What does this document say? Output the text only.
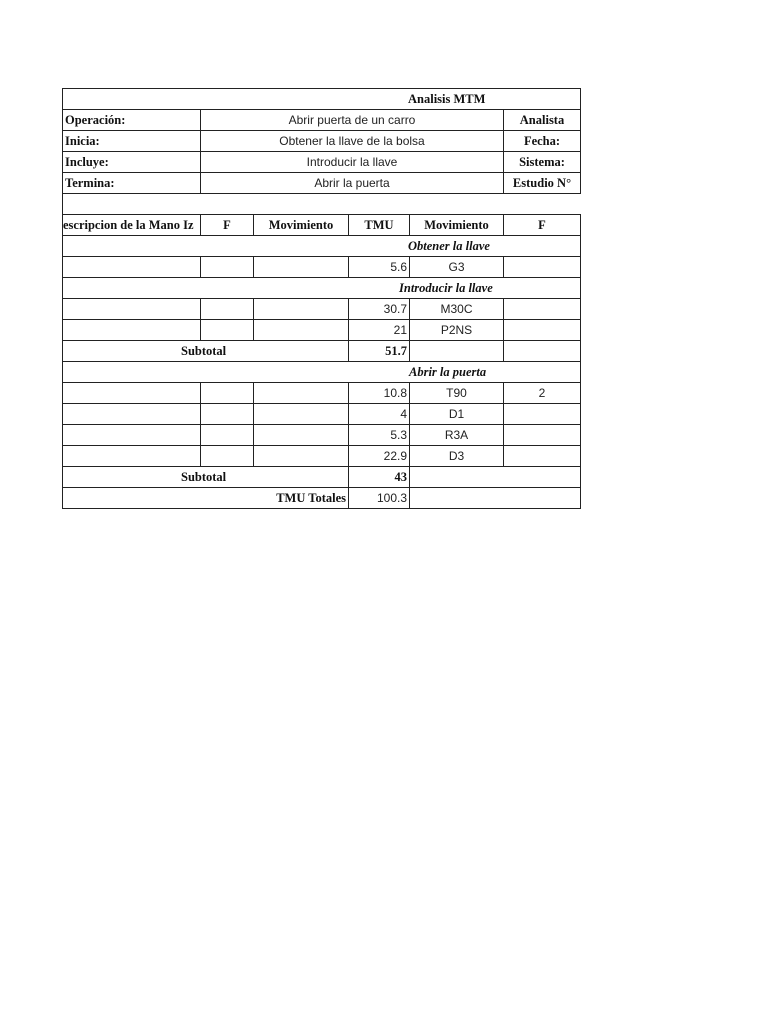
Analisis MTM					
Operación:	Abrir puerta de un carro				Analista
Inicia:	Obtener la llave de la bolsa				Fecha:
Incluye:	Introducir la llave				Sistema:
Termina:	Abrir la puerta				Estudio N°

escripcion de la Mano Iz	F	Movimiento	TMU	Movimiento	F
Obtener la llave					
			5.6	G3	
Introducir la llave					
			30.7	M30C	
			21	P2NS	
Subtotal			51.7		
Abrir la puerta					
			10.8	T90	2
			4	D1	
			5.3	R3A	
			22.9	D3	
Subtotal			43		
TMU Totales			100.3		
